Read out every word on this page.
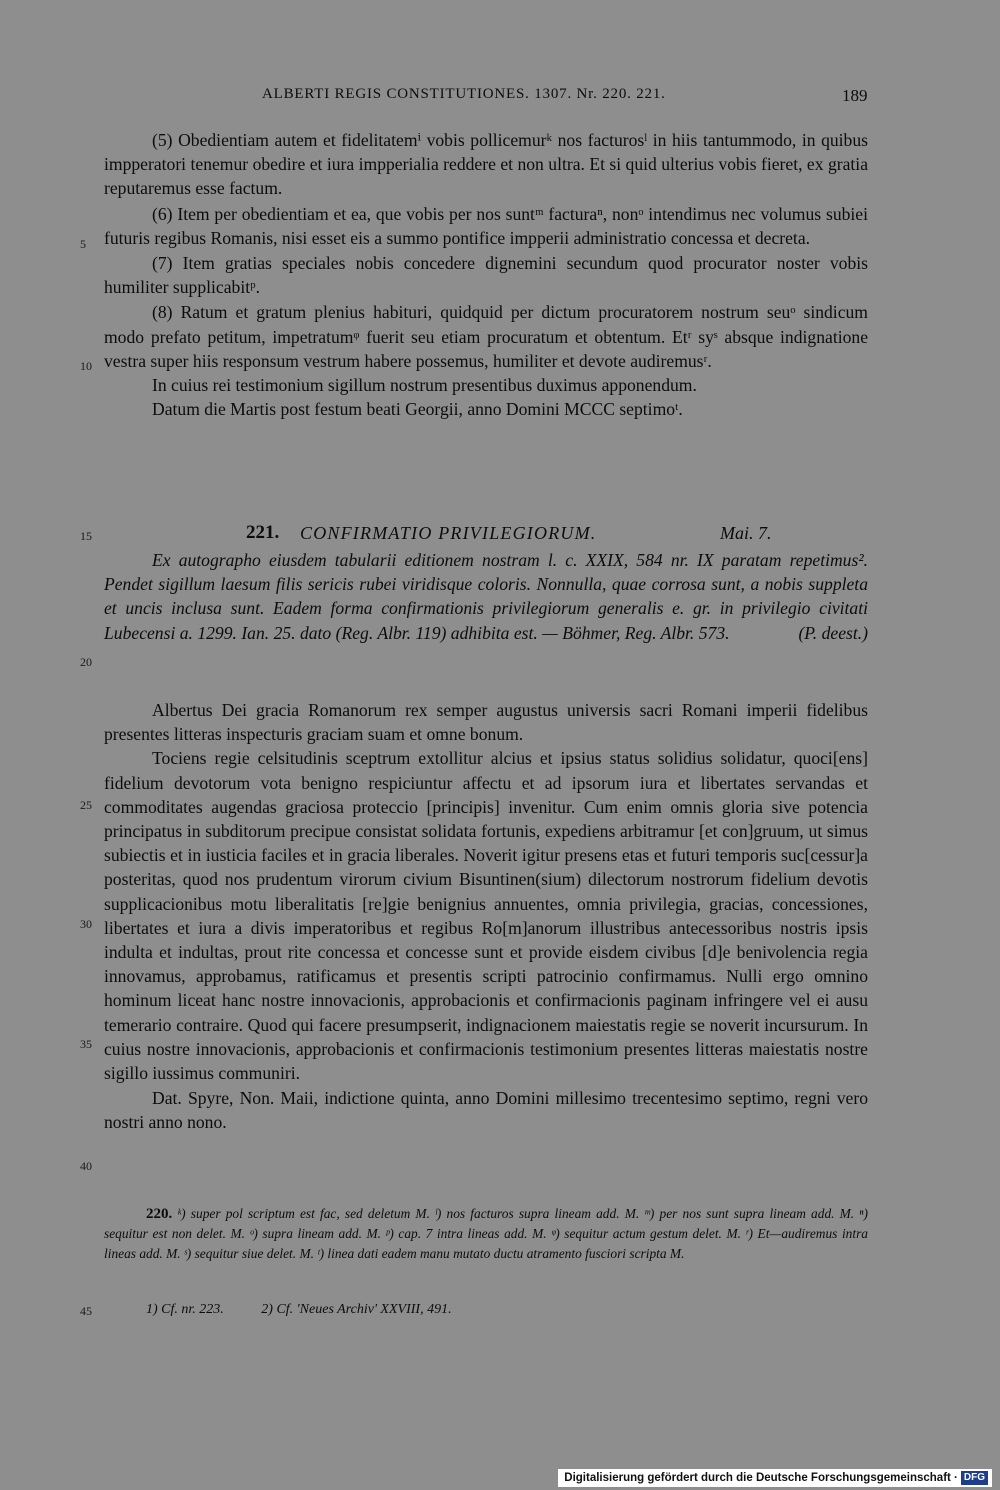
ALBERTI REGIS CONSTITUTIONES. 1307. Nr. 220. 221.	189
5
10
15
20
25
30
35
40
45

(5) Obedientiam autem et fidelitatemⁱ vobis pollicemurᵏ nos facturosˡ in hiis tantummodo, in quibus impperatori tenemur obedire et iura impperialia reddere et non ultra. Et si quid ulterius vobis fieret, ex gratia reputaremus esse factum.

(6) Item per obedientiam et ea, que vobis per nos suntᵐ facturaⁿ, nonᵒ intendimus nec volumus subiei futuris regibus Romanis, nisi esset eis a summo pontifice impperii administratio concessa et decreta.

(7) Item gratias speciales nobis concedere dignemini secundum quod procurator noster vobis humiliter supplicabitᵖ.

(8) Ratum et gratum plenius habituri, quidquid per dictum procuratorem nostrum seuᵒ sindicum modo prefato petitum, impetratumᵠ fuerit seu etiam procuratum et obtentum. Etʳ syˢ absque indignatione vestra super hiis responsum vestrum habere possemus, humiliter et devote audiremusʳ.

In cuius rei testimonium sigillum nostrum presentibus duximus apponendum.

Datum die Martis post festum beati Georgii, anno Domini MCCC septimoᵗ.

221. CONFIRMATIO PRIVILEGIORUM.	Mai. 7.

Ex autographo eiusdem tabularii editionem nostram l. c. XXIX, 584 nr. IX paratam repetimus². Pendet sigillum laesum filis sericis rubei viridisque coloris. Nonnulla, quae corrosa sunt, a nobis suppleta et uncis inclusa sunt. Eadem forma confirmationis privilegiorum generalis e. gr. in privilegio civitati Lubecensi a. 1299. Ian. 25. dato (Reg. Albr. 119) adhibita est. — Böhmer, Reg. Albr. 573.	(P. deest.)

Albertus Dei gracia Romanorum rex semper augustus universis sacri Romani imperii fidelibus presentes litteras inspecturis graciam suam et omne bonum.

Tociens regie celsitudinis sceptrum extollitur alcius et ipsius status solidius solidatur, quoci[ens] fidelium devotorum vota benigno respiciuntur affectu et ad ipsorum iura et libertates servandas et commoditates augendas graciosa proteccio [principis] invenitur. Cum enim omnis gloria sive potencia principatus in subditorum precipue consistat solidata fortunis, expediens arbitramur [et con]gruum, ut simus subiectis et in iusticia faciles et in gracia liberales. Noverit igitur presens etas et futuri temporis suc[cessur]a posteritas, quod nos prudentum virorum civium Bisuntinen(sium) dilectorum nostrorum fidelium devotis supplicacionibus motu liberalitatis [re]gie benignius annuentes, omnia privilegia, gracias, concessiones, libertates et iura a divis imperatoribus et regibus Ro[m]anorum illustribus antecessoribus nostris ipsis indulta et indultas, prout rite concessa et concesse sunt et provide eisdem civibus [d]e benivolencia regia innovamus, approbamus, ratificamus et presentis scripti patrocinio confirmamus. Nulli ergo omnino hominum liceat hanc nostre innovacionis, approbacionis et confirmacionis paginam infringere vel ei ausu temerario contraire. Quod qui facere presumpserit, indignacionem maiestatis regie se noverit incursurum. In cuius nostre innovacionis, approbacionis et confirmacionis testimonium presentes litteras maiestatis nostre sigillo iussimus communiri.

Dat. Spyre, Non. Maii, indictione quinta, anno Domini millesimo trecentesimo septimo, regni vero nostri anno nono.

220. ᵏ) super pol scriptum est fac, sed deletum M. ˡ) nos facturos supra lineam add. M. ᵐ) per nos sunt supra lineam add. M. ⁿ) sequitur est non delet. M. ᵒ) supra lineam add. M. ᵖ) cap. 7 intra lineas add. M. ᵠ) sequitur actum gestum delet. M. ʳ) Et—audiremus intra lineas add. M. ˢ) sequitur siue delet. M. ᵗ) linea dati eadem manu mutato ductu atramento fusciori scripta M.

1) Cf. nr. 223.	2) Cf. 'Neues Archiv' XXVIII, 491.
Digitalisierung gefördert durch die Deutsche Forschungsgemeinschaft · DFG
